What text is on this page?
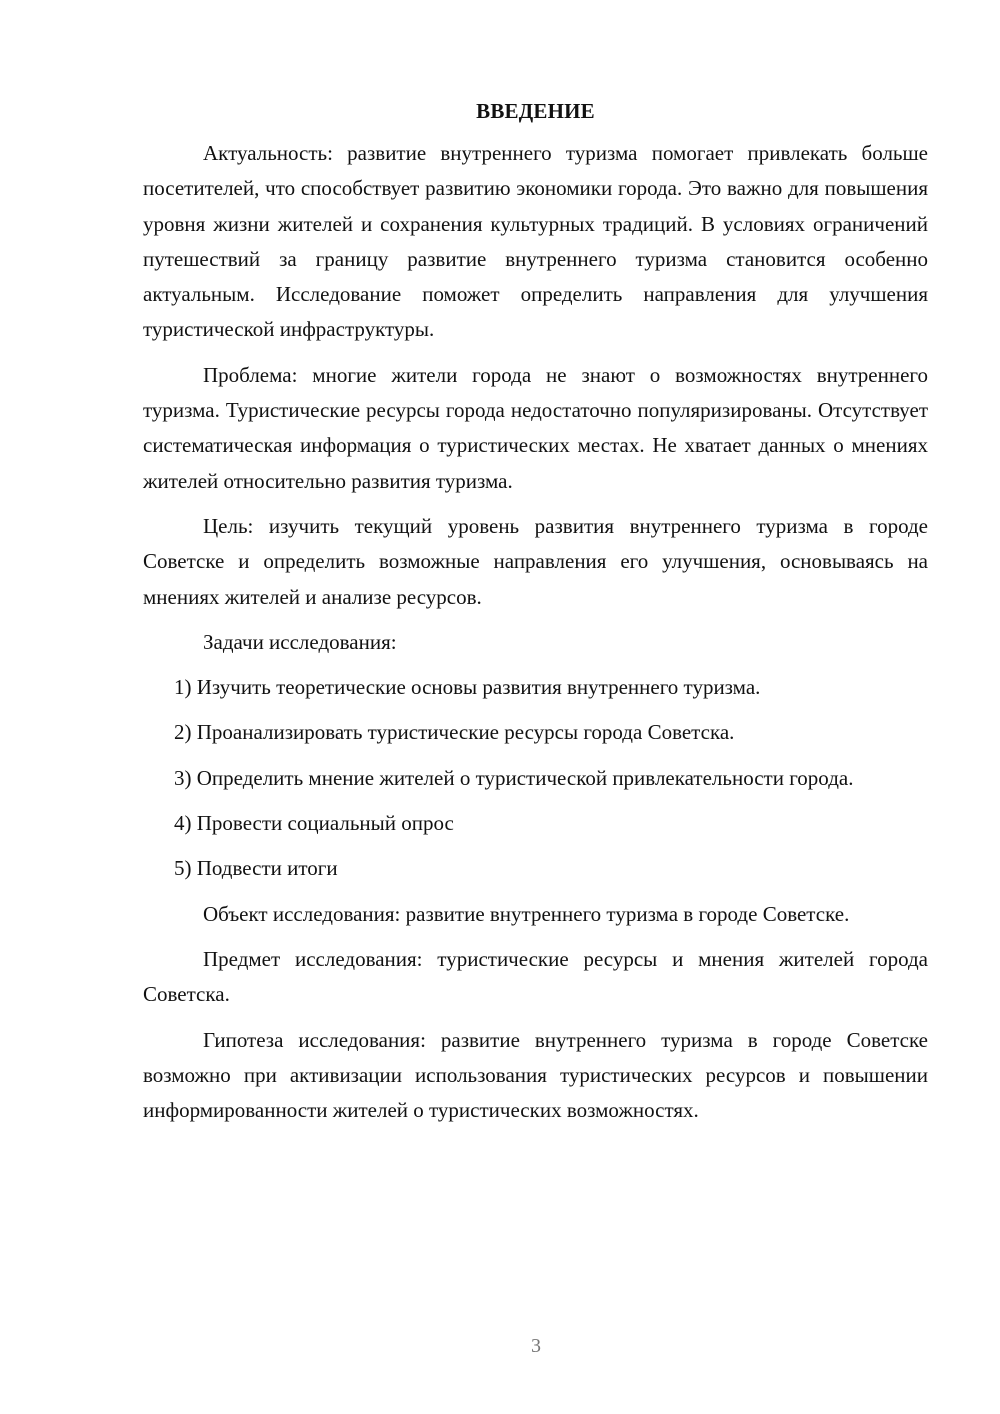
ВВЕДЕНИЕ

Актуальность: развитие внутреннего туризма помогает привлекать больше посетителей, что способствует развитию экономики города. Это важно для повышения уровня жизни жителей и сохранения культурных традиций. В условиях ограничений путешествий за границу развитие внутреннего туризма становится особенно актуальным. Исследование поможет определить направления для улучшения туристической инфраструктуры.

Проблема: многие жители города не знают о возможностях внутреннего туризма. Туристические ресурсы города недостаточно популяризированы. Отсутствует систематическая информация о туристических местах. Не хватает данных о мнениях жителей относительно развития туризма.

Цель: изучить текущий уровень развития внутреннего туризма в городе Советске и определить возможные направления его улучшения, основываясь на мнениях жителей и анализе ресурсов.

Задачи исследования:

1) Изучить теоретические основы развития внутреннего туризма.

2) Проанализировать туристические ресурсы города Советска.

3) Определить мнение жителей о туристической привлекательности города.

4) Провести социальный опрос

5) Подвести итоги

Объект исследования: развитие внутреннего туризма в городе Советске.

Предмет исследования: туристические ресурсы и мнения жителей города Советска.

Гипотеза исследования: развитие внутреннего туризма в городе Советске возможно при активизации использования туристических ресурсов и повышении информированности жителей о туристических возможностях.

3
